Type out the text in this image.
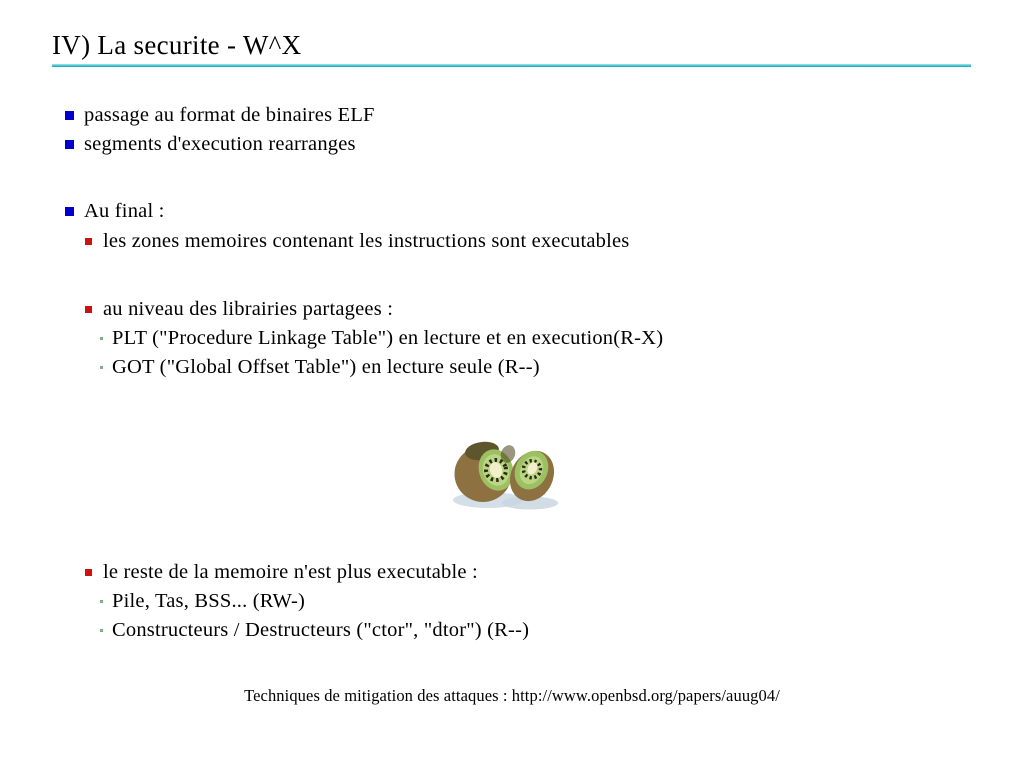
IV) La securite - W^X
passage au format de binaires ELF
segments d'execution rearranges
Au final :
les zones memoires contenant les instructions sont executables
au niveau des librairies partagees :
PLT ("Procedure Linkage Table") en lecture et en execution(R-X)
GOT ("Global Offset Table") en lecture seule (R--)
le reste de la memoire n'est plus executable :
Pile, Tas, BSS... (RW-)
Constructeurs / Destructeurs ("ctor", "dtor") (R--)
Techniques de mitigation des attaques : http://www.openbsd.org/papers/auug04/
